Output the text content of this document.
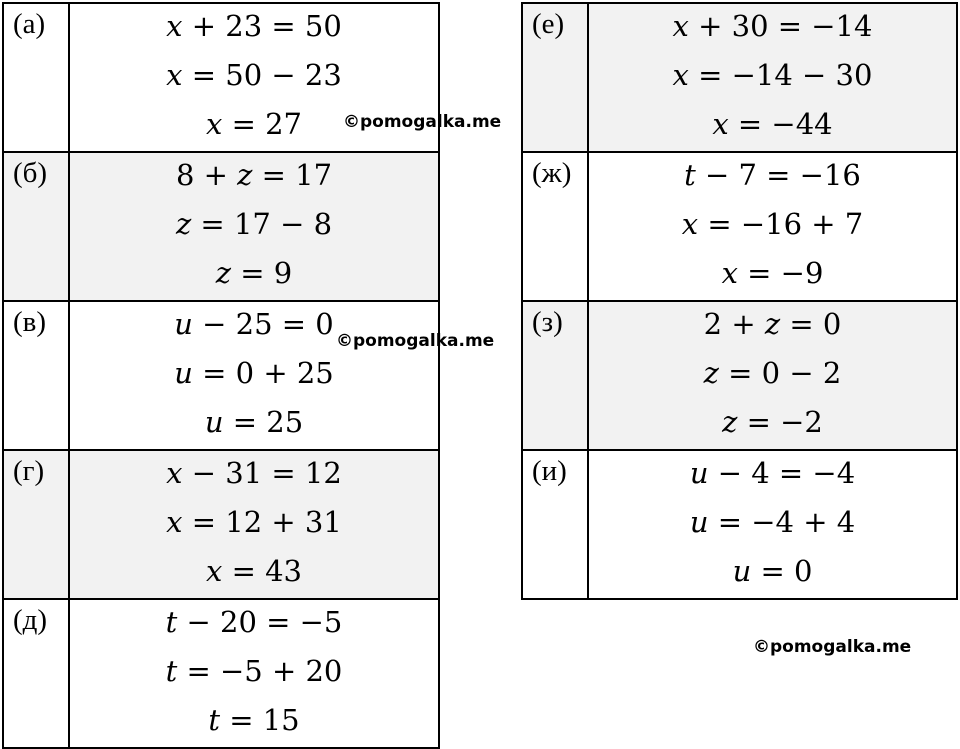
(а)	𝑥 + 23 = 50
𝑥 = 50 − 23
𝑥 = 27

(б)	8 + 𝑧 = 17
𝑧 = 17 − 8
𝑧 = 9

(в)	𝑢 − 25 = 0
𝑢 = 0 + 25
𝑢 = 25

(г)	𝑥 − 31 = 12
𝑥 = 12 + 31
𝑥 = 43

(д)	𝑡 − 20 = −5
𝑡 = −5 + 20
𝑡 = 15
(е)	𝑥 + 30 = −14
𝑥 = −14 − 30
𝑥 = −44

(ж)	𝑡 − 7 = −16
𝑥 = −16 + 7
𝑥 = −9

(з)	2 + 𝑧 = 0
𝑧 = 0 − 2
𝑧 = −2

(и)	𝑢 − 4 = −4
𝑢 = −4 + 4
𝑢 = 0
©pomogalka.me
©pomogalka.me
©pomogalka.me
